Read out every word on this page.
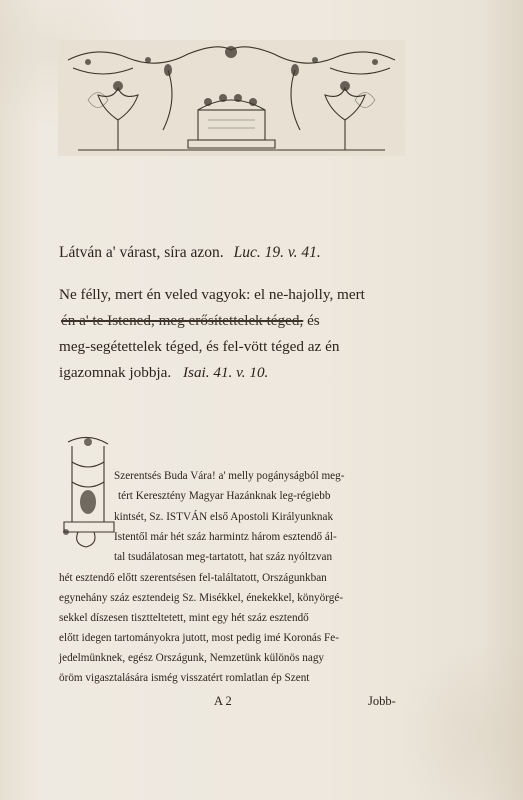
Látván a' várast, síra azon. Luc. 19. v. 41.
Ne félly, mert én veled vagyok: el ne-hajolly, mert
én a' te Istened, meg erősítettelek téged, és
meg-segétettelek téged, és fel-vött téged az én
igazomnak jobbja. Isai. 41. v. 10.
Szerentsés Buda Vára! a' melly pogányságból meg-
tért Keresztény Magyar Hazánknak leg-régiebb
kintsét, Sz. ISTVÁN első Apostoli Királyunknak
Istentől már hét száz harmintz három esztendő ál-
tal tsudálatosan meg-tartatott, hat száz nyóltzvan
hét esztendő előtt szerentsésen fel-találtatott, Országunkban
egynehány száz esztendeig Sz. Misékkel, énekekkel, könyörgé-
sekkel díszesen tisztteltetett, mint egy hét száz esztendő
előtt idegen tartományokra jutott, most pedig imé Koronás Fe-
jedelmünknek, egész Országunk, Nemzetünk különös nagy
öröm vigasztalására ismég visszatért romlatlan ép Szent
A 2	Jobb-
